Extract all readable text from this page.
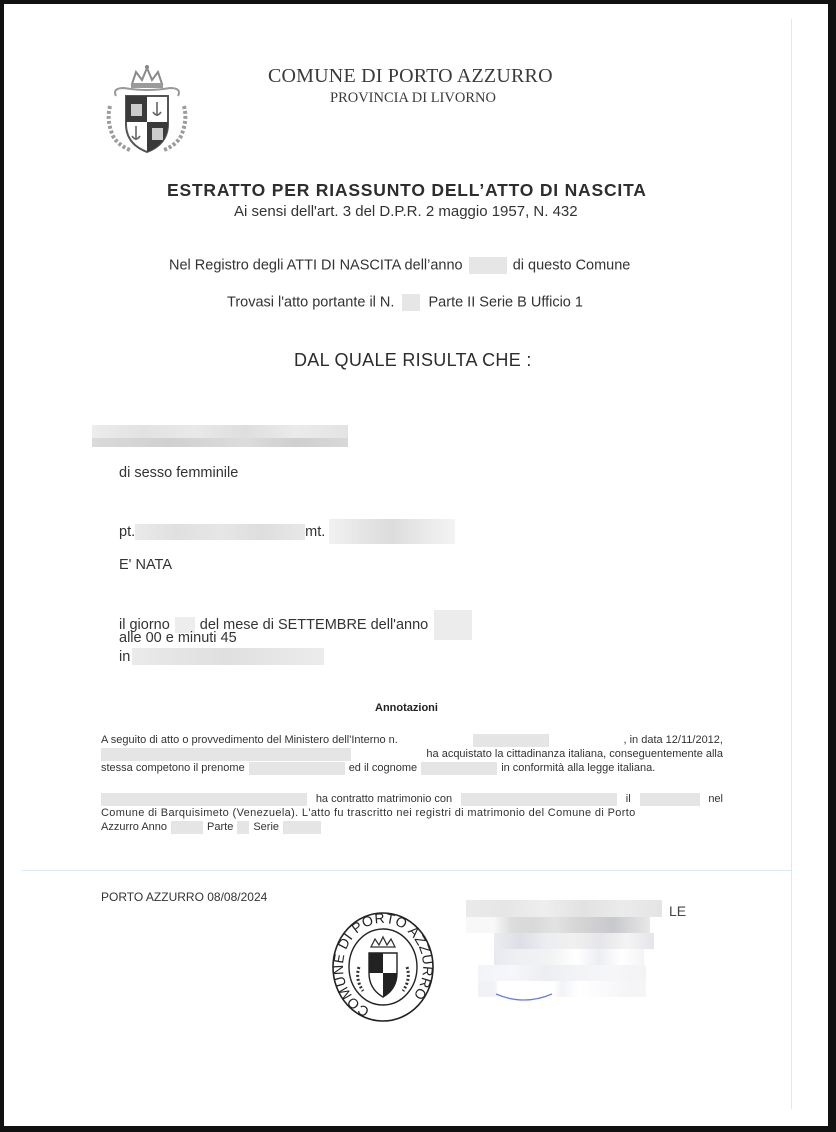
COMUNE DI PORTO AZZURRO
PROVINCIA DI LIVORNO
ESTRATTO PER RIASSUNTO DELL’ATTO DI NASCITA
Ai sensi dell'art. 3 del D.P.R. 2 maggio 1957, N. 432
Nel Registro degli ATTI DI NASCITA dell’anno	di questo Comune
Trovasi l'atto portante il N. Parte II Serie B Ufficio 1
DAL QUALE RISULTA CHE :
di sesso femminile
pt.	mt.
E' NATA
il giorno del mese di SETTEMBRE dell'anno
alle 00 e minuti 45
in
Annotazioni
A seguito di atto o provvedimento del Ministero dell'Interno n.	, in data 12/11/2012,
ha acquistato la cittadinanza italiana, conseguentemente alla
stessa competono il prenome	ed il cognome	in conformità alla legge italiana.
ha contratto matrimonio con	il	nel
Comune di Barquisimeto (Venezuela). L'atto fu trascritto nei registri di matrimonio del Comune di Porto
Azzurro Anno	Parte Serie
PORTO AZZURRO 08/08/2024
COMUNE DI PORTO AZZURRO
LE
